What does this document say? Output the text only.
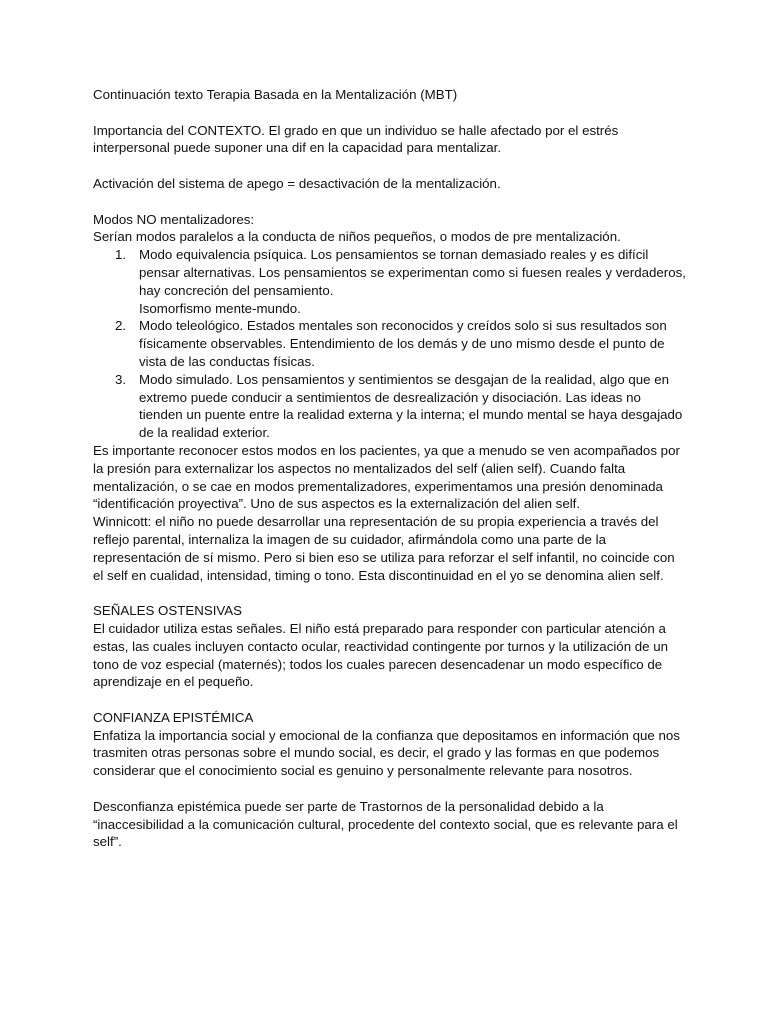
Continuación texto Terapia Basada en la Mentalización (MBT)

Importancia del CONTEXTO. El grado en que un individuo se halle afectado por el estrés interpersonal puede suponer una dif en la capacidad para mentalizar.

Activación del sistema de apego = desactivación de la mentalización.

Modos NO mentalizadores:

Serían modos paralelos a la conducta de niños pequeños, o modos de pre mentalización.

1. Modo equivalencia psíquica. Los pensamientos se tornan demasiado reales y es difícil pensar alternativas. Los pensamientos se experimentan como si fuesen reales y verdaderos, hay concreción del pensamiento.
Isomorfismo mente-mundo.
2. Modo teleológico. Estados mentales son reconocidos y creídos solo si sus resultados son físicamente observables. Entendimiento de los demás y de uno mismo desde el punto de vista de las conductas físicas.
3. Modo simulado. Los pensamientos y sentimientos se desgajan de la realidad, algo que en extremo puede conducir a sentimientos de desrealización y disociación. Las ideas no tienden un puente entre la realidad externa y la interna; el mundo mental se haya desgajado de la realidad exterior.

Es importante reconocer estos modos en los pacientes, ya que a menudo se ven acompañados por la presión para externalizar los aspectos no mentalizados del self (alien self). Cuando falta mentalización, o se cae en modos prementalizadores, experimentamos una presión denominada “identificación proyectiva”. Uno de sus aspectos es la externalización del alien self.

Winnicott: el niño no puede desarrollar una representación de su propia experiencia a través del reflejo parental, internaliza la imagen de su cuidador, afirmándola como una parte de la representación de sí mismo. Pero si bien eso se utiliza para reforzar el self infantil, no coincide con el self en cualidad, intensidad, timing o tono. Esta discontinuidad en el yo se denomina alien self.

SEÑALES OSTENSIVAS

El cuidador utiliza estas señales. El niño está preparado para responder con particular atención a estas, las cuales incluyen contacto ocular, reactividad contingente por turnos y la utilización de un tono de voz especial (maternés); todos los cuales parecen desencadenar un modo específico de aprendizaje en el pequeño.

CONFIANZA EPISTÉMICA

Enfatiza la importancia social y emocional de la confianza que depositamos en información que nos trasmiten otras personas sobre el mundo social, es decir, el grado y las formas en que podemos considerar que el conocimiento social es genuino y personalmente relevante para nosotros.

Desconfianza epistémica puede ser parte de Trastornos de la personalidad debido a la “inaccesibilidad a la comunicación cultural, procedente del contexto social, que es relevante para el self”.
